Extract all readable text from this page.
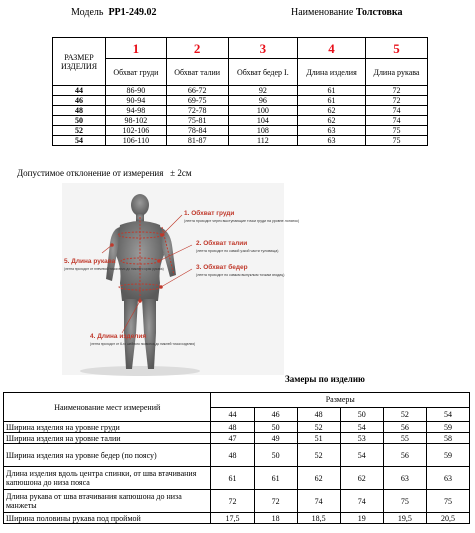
Модель PP1-249.02	Наименование Толстовка
РАЗМЕР ИЗДЕЛИЯ	1	2	3	4	5
	Обхват груди	Обхват талии	Обхват бедер I.	Длина изделия	Длина рукава
44	86-90	66-72	92	61	72
46	90-94	69-75	96	61	72
48	94-98	72-78	100	62	74
50	98-102	75-81	104	62	74
52	102-106	78-84	108	63	75
54	106-110	81-87	112	63	75
Допустимое отклонение от измерения ± 2см
1. Обхват груди
(лента проходит через выступающие точки груди на уровне лопаток)
2. Обхват талии
(лента проходит по самой узкой части туловища)
3. Обхват бедер
(лента проходит по самым выпуклым точкам ягодиц)
5. Длина рукава
(лента проходит от плечевой точки вниз до нижнего края рукава)
4. Длина изделия
(лента проходит от 6-го шейного позвонка до нижней точки изделия)
Замеры по изделию
Наименование мест измерений	Размеры					
	44	46	48	50	52	54
Ширина изделия на уровне груди	48	50	52	54	56	59
Ширина изделия на уровне талии	47	49	51	53	55	58
Ширина изделия на уровне бедер (по поясу)	48	50	52	54	56	59
Длина изделия вдоль центра спинки, от шва втачивания капюшона до низа пояса	61	61	62	62	63	63
Длина рукава от шва втачивания капюшона до низа манжеты	72	72	74	74	75	75
Ширина половины рукава под проймой	17,5	18	18,5	19	19,5	20,5
